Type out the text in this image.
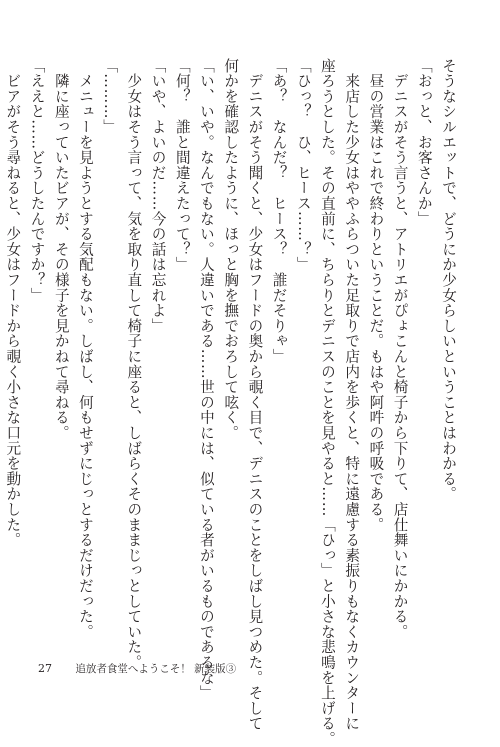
そうなシルエットで、どうにか少女らしいということはわかる。
「おっと、お客さんか」
　デニスがそう言うと、アトリエがぴょこんと椅子から下りて、店仕舞いにかかる。
　昼の営業はこれで終わりということだ。もはや阿吽の呼吸である。
　来店した少女はややふらついた足取りで店内を歩くと、特に遠慮する素振りもなくカウンターに
座ろうとした。その直前に、ちらりとデニスのことを見やると……「ひっ」と小さな悲鳴を上げる。
「ひっ？　ひ、ヒース……？」
「あ？　なんだ？　ヒース？　誰だそりゃ」
　デニスがそう聞くと、少女はフードの奥から覗く目で、デニスのことをしばし見つめた。そして
何かを確認したように、ほっと胸を撫でおろして呟く。
「い、いや。なんでもない。人違いである……世の中には、似ている者がいるものであるな」
「何？　誰と間違えたって？」
「いや、よいのだ……今の話は忘れよ」
　少女はそう言って、気を取り直して椅子に座ると、しばらくそのままじっとしていた。
「………」
　メニューを見ようとする気配もない。しばし、何もせずにじっとするだけだった。
　隣に座っていたビアが、その様子を見かねて尋ねる。
「ええと……どうしたんですか？」
　ビアがそう尋ねると、少女はフードから覗く小さな口元を動かした。
27 追放者食堂へようこそ！ 新装版③
